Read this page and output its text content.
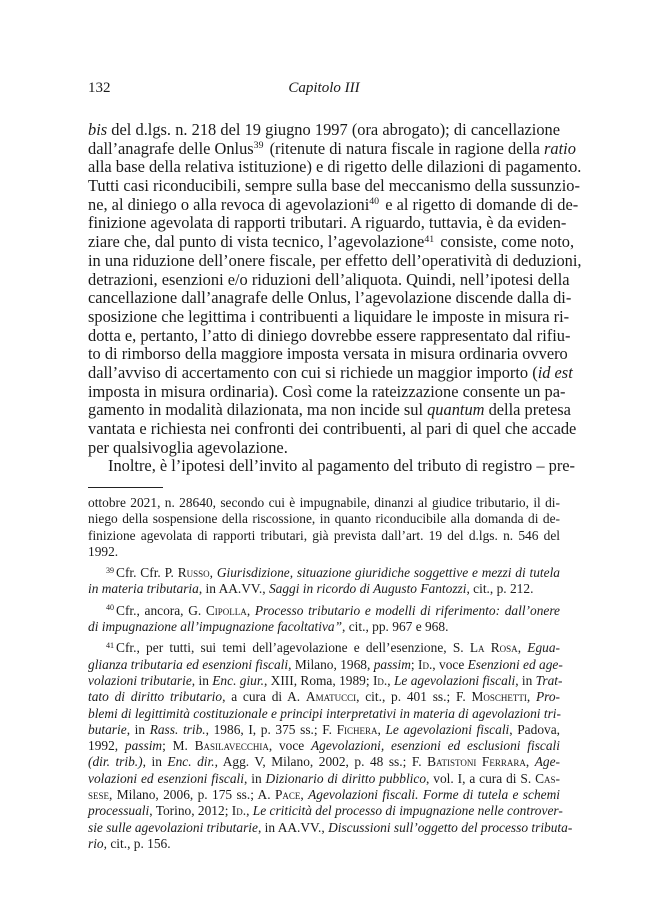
132	Capitolo III
bis del d.lgs. n. 218 del 19 giugno 1997 (ora abrogato); di cancellazione
dall’anagrafe delle Onlus$^{39}$ (ritenute di natura fiscale in ragione della ratio
alla base della relativa istituzione) e di rigetto delle dilazioni di pagamento.
Tutti casi riconducibili, sempre sulla base del meccanismo della sussunzio-
ne, al diniego o alla revoca di agevolazioni$^{40}$ e al rigetto di domande di de-
finizione agevolata di rapporti tributari. A riguardo, tuttavia, è da eviden-
ziare che, dal punto di vista tecnico, l’agevolazione$^{41}$ consiste, come noto,
in una riduzione dell’onere fiscale, per effetto dell’operatività di deduzioni,
detrazioni, esenzioni e/o riduzioni dell’aliquota. Quindi, nell’ipotesi della
cancellazione dall’anagrafe delle Onlus, l’agevolazione discende dalla di-
sposizione che legittima i contribuenti a liquidare le imposte in misura ri-
dotta e, pertanto, l’atto di diniego dovrebbe essere rappresentato dal rifiu-
to di rimborso della maggiore imposta versata in misura ordinaria ovvero
dall’avviso di accertamento con cui si richiede un maggior importo (id est
imposta in misura ordinaria). Così come la rateizzazione consente un pa-
gamento in modalità dilazionata, ma non incide sul quantum della pretesa
vantata e richiesta nei confronti dei contribuenti, al pari di quel che accade
per qualsivoglia agevolazione.
Inoltre, è l’ipotesi dell’invito al pagamento del tributo di registro – pre-
ottobre 2021, n. 28640, secondo cui è impugnabile, dinanzi al giudice tributario, il di-
niego della sospensione della riscossione, in quanto riconducibile alla domanda di de-
finizione agevolata di rapporti tributari, già prevista dall’art. 19 del d.lgs. n. 546 del
1992.
$^{39}$ Cfr. Cfr. P. Russo, Giurisdizione, situazione giuridiche soggettive e mezzi di tutela
in materia tributaria, in AA.VV., Saggi in ricordo di Augusto Fantozzi, cit., p. 212.
$^{40}$ Cfr., ancora, G. Cipolla, Processo tributario e modelli di riferimento: dall’onere
di impugnazione all’impugnazione facoltativa”, cit., pp. 967 e 968.
$^{41}$ Cfr., per tutti, sui temi dell’agevolazione e dell’esenzione, S. La Rosa, Egua-
glianza tributaria ed esenzioni fiscali, Milano, 1968, passim; Id., voce Esenzioni ed age-
volazioni tributarie, in Enc. giur., XIII, Roma, 1989; Id., Le agevolazioni fiscali, in Trat-
tato di diritto tributario, a cura di A. Amatucci, cit., p. 401 ss.; F. Moschetti, Pro-
blemi di legittimità costituzionale e principi interpretativi in materia di agevolazioni tri-
butarie, in Rass. trib., 1986, I, p. 375 ss.; F. Fichera, Le agevolazioni fiscali, Padova,
1992, passim; M. Basilavecchia, voce Agevolazioni, esenzioni ed esclusioni fiscali
(dir. trib.), in Enc. dir., Agg. V, Milano, 2002, p. 48 ss.; F. Batistoni Ferrara, Age-
volazioni ed esenzioni fiscali, in Dizionario di diritto pubblico, vol. I, a cura di S. Cas-
sese, Milano, 2006, p. 175 ss.; A. Pace, Agevolazioni fiscali. Forme di tutela e schemi
processuali, Torino, 2012; Id., Le criticità del processo di impugnazione nelle controver-
sie sulle agevolazioni tributarie, in AA.VV., Discussioni sull’oggetto del processo tributa-
rio, cit., p. 156.
